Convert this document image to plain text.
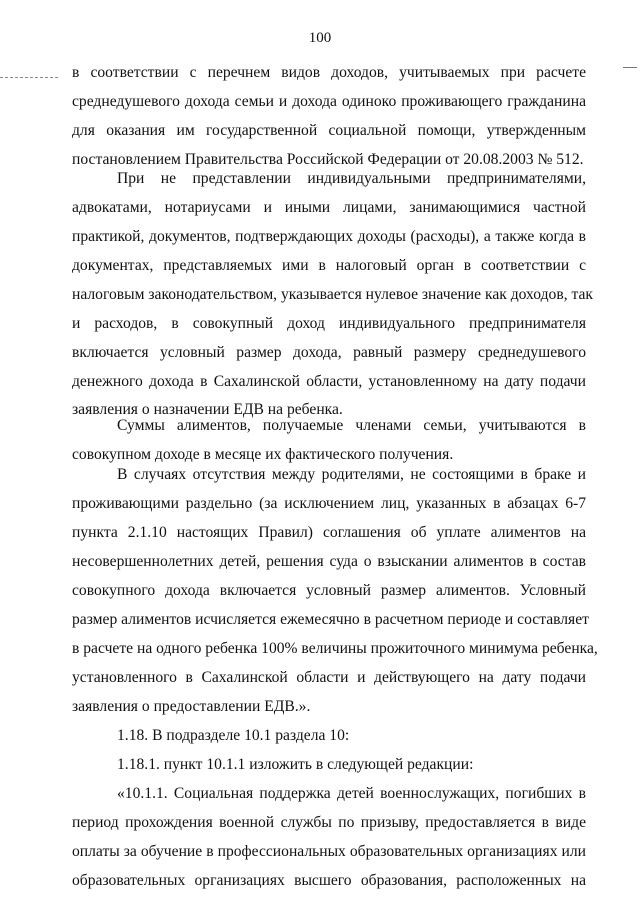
100
в соответствии с перечнем видов доходов, учитываемых при расчете
среднедушевого дохода семьи и дохода одиноко проживающего гражданина
для оказания им государственной социальной помощи, утвержденным
постановлением Правительства Российской Федерации от 20.08.2003 № 512.
При не представлении индивидуальными предпринимателями,
адвокатами, нотариусами и иными лицами, занимающимися частной
практикой, документов, подтверждающих доходы (расходы), а также когда в
документах, представляемых ими в налоговый орган в соответствии с
налоговым законодательством, указывается нулевое значение как доходов, так
и расходов, в совокупный доход индивидуального предпринимателя
включается условный размер дохода, равный размеру среднедушевого
денежного дохода в Сахалинской области, установленному на дату подачи
заявления о назначении ЕДВ на ребенка.
Суммы алиментов, получаемые членами семьи, учитываются в
совокупном доходе в месяце их фактического получения.
В случаях отсутствия между родителями, не состоящими в браке и
проживающими раздельно (за исключением лиц, указанных в абзацах 6-7
пункта 2.1.10 настоящих Правил) соглашения об уплате алиментов на
несовершеннолетних детей, решения суда о взыскании алиментов в состав
совокупного дохода включается условный размер алиментов. Условный
размер алиментов исчисляется ежемесячно в расчетном периоде и составляет
в расчете на одного ребенка 100% величины прожиточного минимума ребенка,
установленного в Сахалинской области и действующего на дату подачи
заявления о предоставлении ЕДВ.».
1.18. В подразделе 10.1 раздела 10:
1.18.1. пункт 10.1.1 изложить в следующей редакции:
«10.1.1. Социальная поддержка детей военнослужащих, погибших в
период прохождения военной службы по призыву, предоставляется в виде
оплаты за обучение в профессиональных образовательных организациях или
образовательных организациях высшего образования, расположенных на
